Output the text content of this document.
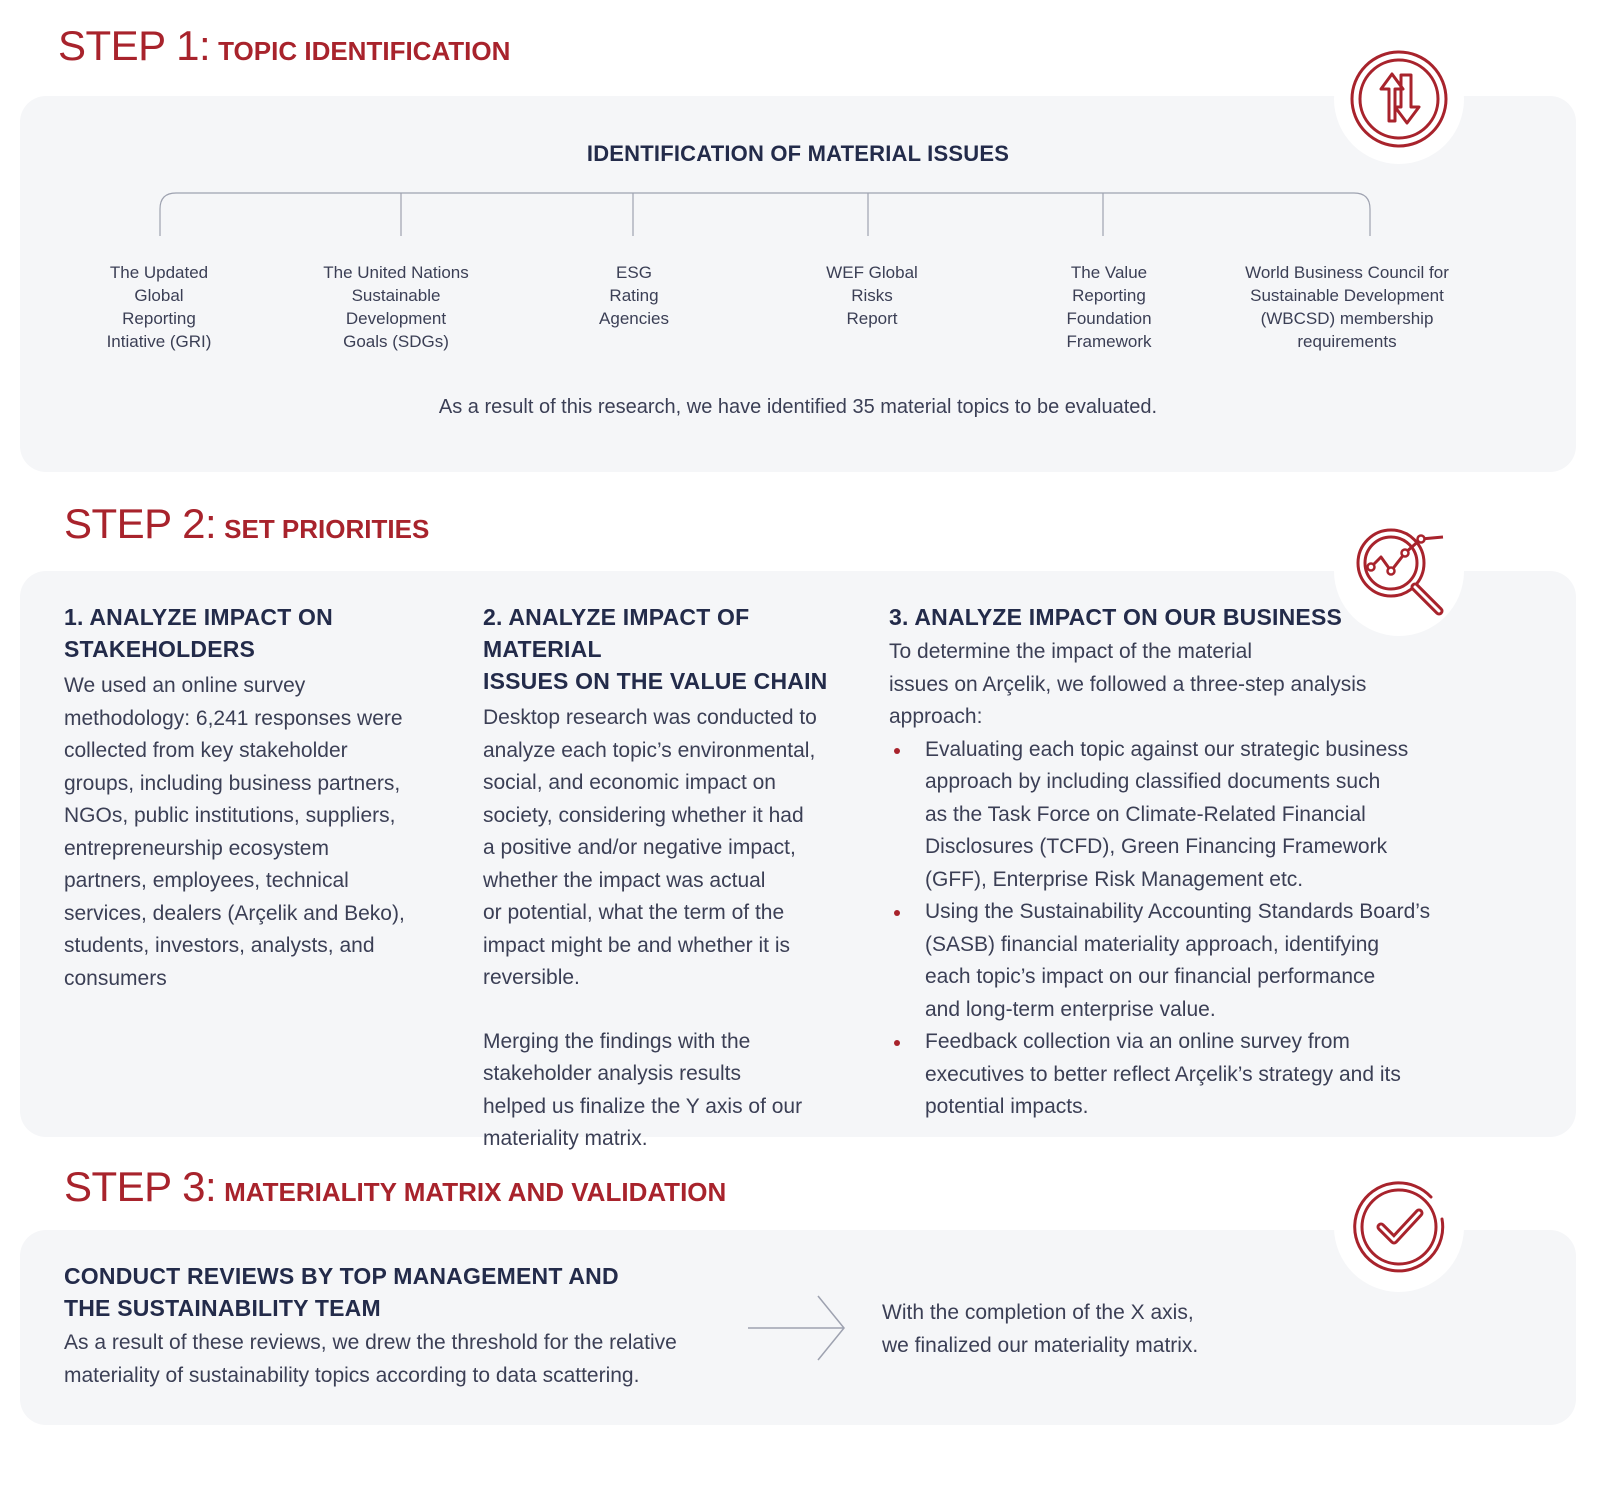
STEP 1: TOPIC IDENTIFICATION
IDENTIFICATION OF MATERIAL ISSUES
The Updated
Global
Reporting
Intiative (GRI)
The United Nations
Sustainable
Development
Goals (SDGs)
ESG
Rating
Agencies
WEF Global
Risks
Report
The Value
Reporting
Foundation
Framework
World Business Council for
Sustainable Development
(WBCSD) membership
requirements
As a result of this research, we have identified 35 material topics to be evaluated.
STEP 2: SET PRIORITIES
1. ANALYZE IMPACT ON
STAKEHOLDERS
We used an online survey
methodology: 6,241 responses were
collected from key stakeholder
groups, including business partners,
NGOs, public institutions, suppliers,
entrepreneurship ecosystem
partners, employees, technical
services, dealers (Arçelik and Beko),
students, investors, analysts, and
consumers
2. ANALYZE IMPACT OF MATERIAL
ISSUES ON THE VALUE CHAIN
Desktop research was conducted to
analyze each topic’s environmental,
social, and economic impact on
society, considering whether it had
a positive and/or negative impact,
whether the impact was actual
or potential, what the term of the
impact might be and whether it is
reversible.
Merging the findings with the
stakeholder analysis results
helped us finalize the Y axis of our
materiality matrix.
3. ANALYZE IMPACT ON OUR BUSINESS
To determine the impact of the material
issues on Arçelik, we followed a three-step analysis
approach:
Evaluating each topic against our strategic business
approach by including classified documents such
as the Task Force on Climate-Related Financial
Disclosures (TCFD), Green Financing Framework
(GFF), Enterprise Risk Management etc.
Using the Sustainability Accounting Standards Board’s
(SASB) financial materiality approach, identifying
each topic’s impact on our financial performance
and long-term enterprise value.
Feedback collection via an online survey from
executives to better reflect Arçelik’s strategy and its
potential impacts.
STEP 3: MATERIALITY MATRIX AND VALIDATION
CONDUCT REVIEWS BY TOP MANAGEMENT AND
THE SUSTAINABILITY TEAM
As a result of these reviews, we drew the threshold for the relative
materiality of sustainability topics according to data scattering.
With the completion of the X axis,
we finalized our materiality matrix.
